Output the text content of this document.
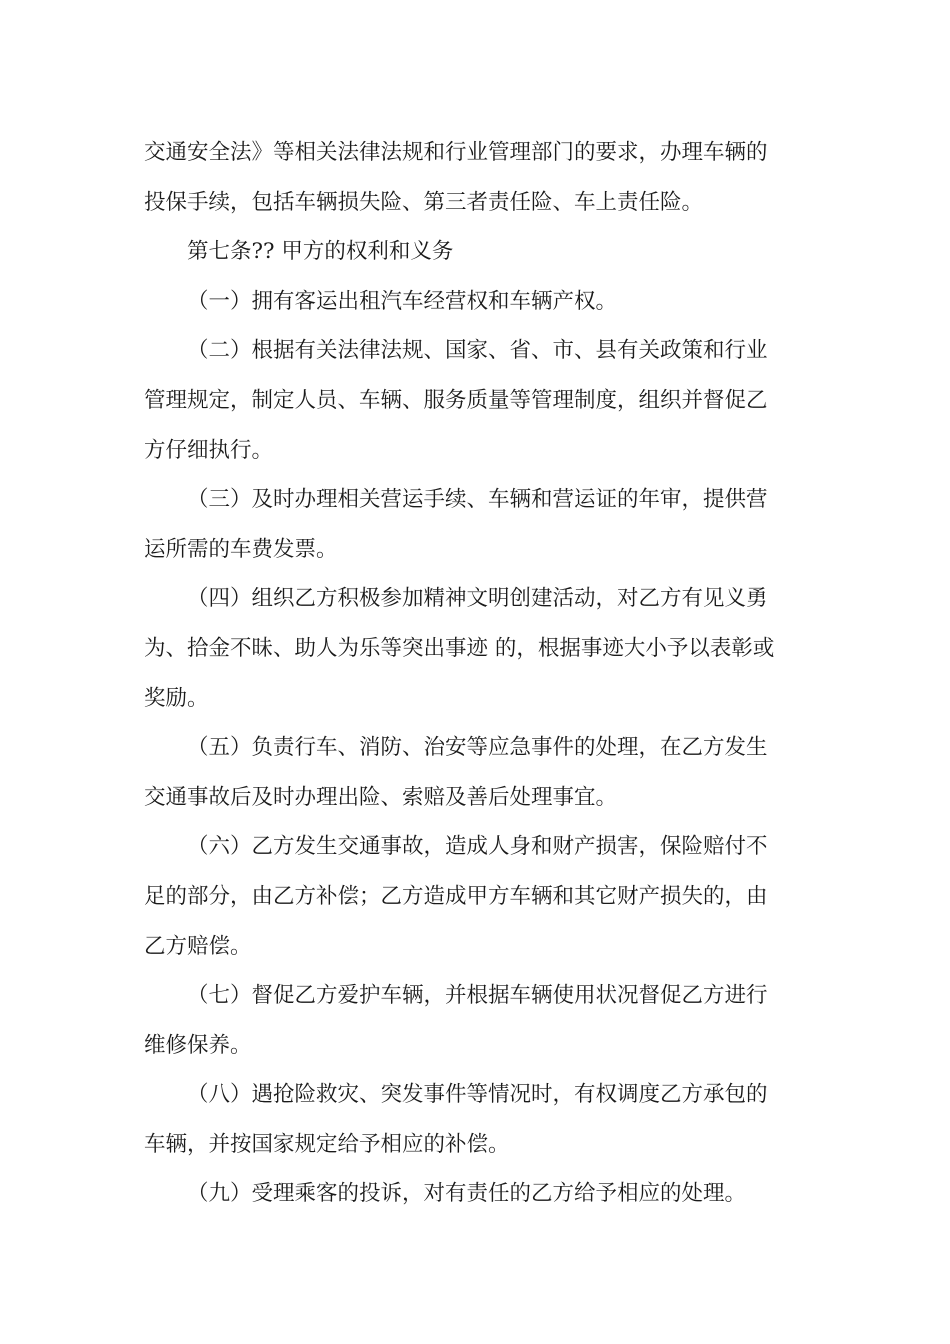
交通安全法》等相关法律法规和行业管理部门的要求，办理车辆的
投保手续，包括车辆损失险、第三者责任险、车上责任险。

第七条?? 甲方的权利和义务

（一）拥有客运出租汽车经营权和车辆产权。

（二）根据有关法律法规、国家、省、市、县有关政策和行业
管理规定，制定人员、车辆、服务质量等管理制度，组织并督促乙
方仔细执行。

（三）及时办理相关营运手续、车辆和营运证的年审，提供营
运所需的车费发票。

（四）组织乙方积极参加精神文明创建活动，对乙方有见义勇
为、拾金不昧、助人为乐等突出事迹 的，根据事迹大小予以表彰或
奖励。

（五）负责行车、消防、治安等应急事件的处理，在乙方发生
交通事故后及时办理出险、索赔及善后处理事宜。

（六）乙方发生交通事故，造成人身和财产损害，保险赔付不
足的部分，由乙方补偿；乙方造成甲方车辆和其它财产损失的，由
乙方赔偿。

（七）督促乙方爱护车辆，并根据车辆使用状况督促乙方进行
维修保养。

（八）遇抢险救灾、突发事件等情况时，有权调度乙方承包的
车辆，并按国家规定给予相应的补偿。

（九）受理乘客的投诉，对有责任的乙方给予相应的处理。
